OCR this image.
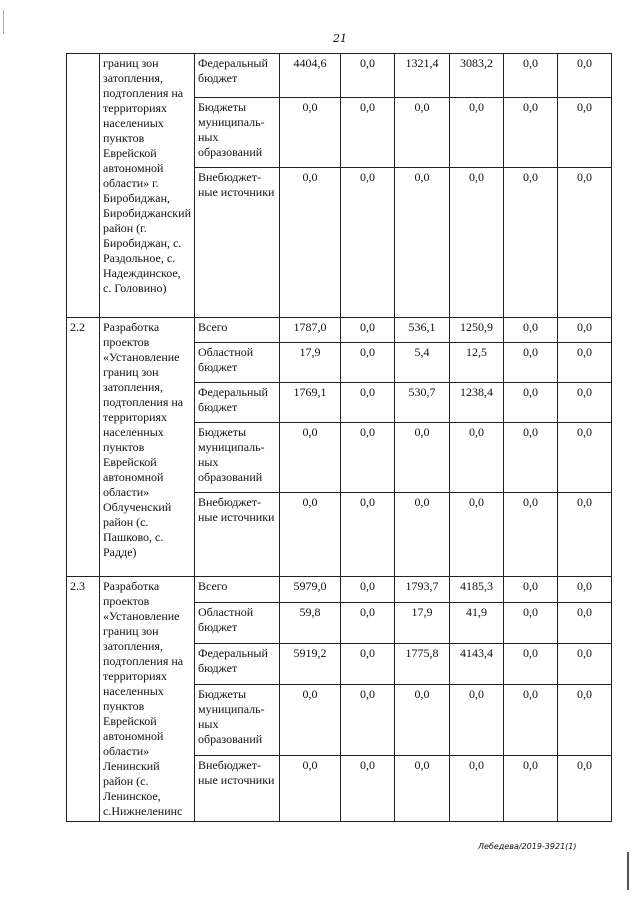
21
	границ зон затопления, подтопления на территориях населениых пунктов Еврейской автономной области» г. Биробиджан, Биробиджанский район (г. Биробиджан, с. Раздольное, с. Надеждинское, с. Головино)	Федеральный бюджет	4404,6	0,0	1321,4	3083,2	0,0	0,0
		Бюджеты муниципаль-ных образований	0,0	0,0	0,0	0,0	0,0	0,0
		Внебюджет-ные источники	0,0	0,0	0,0	0,0	0,0	0,0
2.2	Разработка проектов «Установление границ зон затопления, подтопления на территориях населенных пунктов Еврейской автономной области» Облученский район (с. Пашково, с. Радде)	Всего	1787,0	0,0	536,1	1250,9	0,0	0,0
		Областной бюджет	17,9	0,0	5,4	12,5	0,0	0,0
		Федеральный бюджет	1769,1	0,0	530,7	1238,4	0,0	0,0
		Бюджеты муниципаль-ных образований	0,0	0,0	0,0	0,0	0,0	0,0
		Внебюджет-ные источники	0,0	0,0	0,0	0,0	0,0	0,0
2.3	Разработка проектов «Установление границ зон затопления, подтопления на территориях населенных пунктов Еврейской автономной области» Ленинский район (с. Ленинское, с.Нижнеленинс	Всего	5979,0	0,0	1793,7	4185,3	0,0	0,0
		Областной бюджет	59,8	0,0	17,9	41,9	0,0	0,0
		Федеральный бюджет	5919,2	0,0	1775,8	4143,4	0,0	0,0
		Бюджеты муниципаль-ных образований	0,0	0,0	0,0	0,0	0,0	0,0
		Внебюджет-ные источники	0,0	0,0	0,0	0,0	0,0	0,0
Лебедева/2019-3921(1)
